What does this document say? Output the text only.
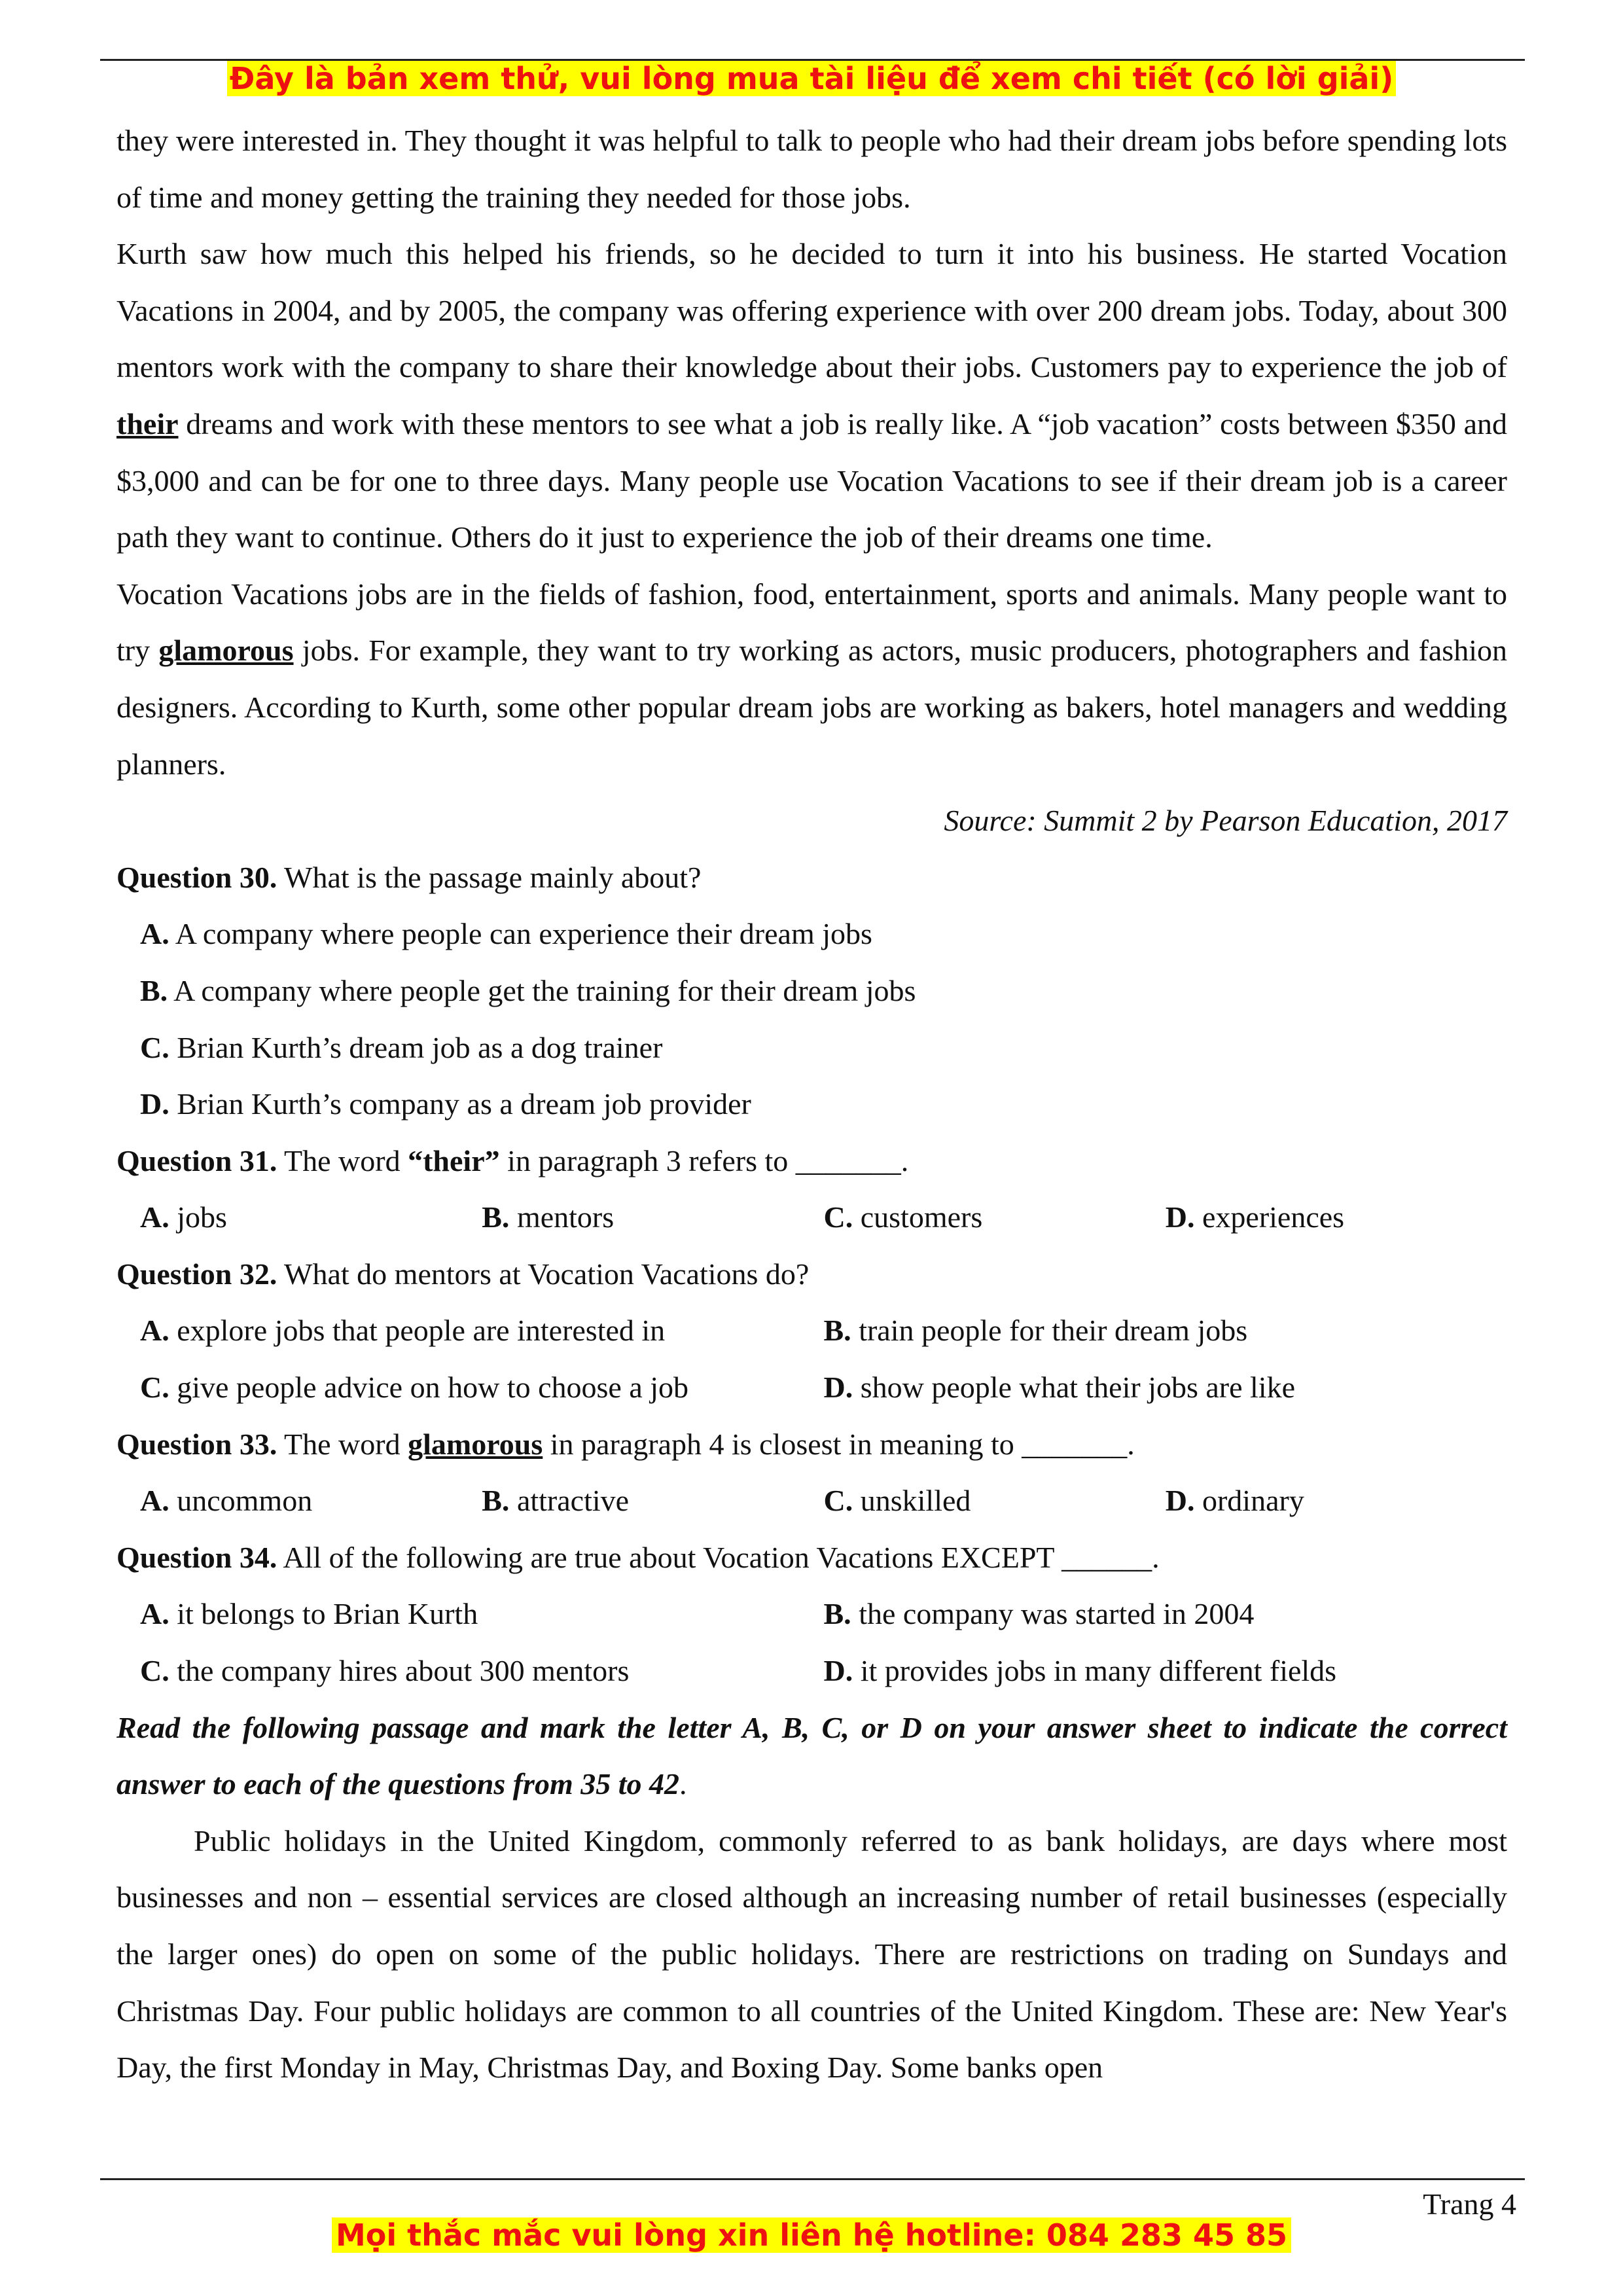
Đây là bản xem thử, vui lòng mua tài liệu để xem chi tiết (có lời giải)

they were interested in. They thought it was helpful to talk to people who had their dream jobs before spending lots of time and money getting the training they needed for those jobs.

Kurth saw how much this helped his friends, so he decided to turn it into his business. He started Vocation Vacations in 2004, and by 2005, the company was offering experience with over 200 dream jobs. Today, about 300 mentors work with the company to share their knowledge about their jobs. Customers pay to experience the job of their dreams and work with these mentors to see what a job is really like. A “job vacation” costs between $350 and $3,000 and can be for one to three days. Many people use Vocation Vacations to see if their dream job is a career path they want to continue. Others do it just to experience the job of their dreams one time.

Vocation Vacations jobs are in the fields of fashion, food, entertainment, sports and animals. Many people want to try glamorous jobs. For example, they want to try working as actors, music producers, photographers and fashion designers. According to Kurth, some other popular dream jobs are working as bakers, hotel managers and wedding planners.

Source: Summit 2 by Pearson Education, 2017

Question 30. What is the passage mainly about?

A. A company where people can experience their dream jobs
B. A company where people get the training for their dream jobs
C. Brian Kurth’s dream job as a dog trainer
D. Brian Kurth’s company as a dream job provider

Question 31. The word “their” in paragraph 3 refers to _______.

A. jobs	B. mentors	C. customers	D. experiences

Question 32. What do mentors at Vocation Vacations do?

A. explore jobs that people are interested in	B. train people for their dream jobs
C. give people advice on how to choose a job	D. show people what their jobs are like

Question 33. The word glamorous in paragraph 4 is closest in meaning to _______.

A. uncommon	B. attractive	C. unskilled	D. ordinary

Question 34. All of the following are true about Vocation Vacations EXCEPT ______.

A. it belongs to Brian Kurth	B. the company was started in 2004
C. the company hires about 300 mentors	D. it provides jobs in many different fields

Read the following passage and mark the letter A, B, C, or D on your answer sheet to indicate the correct answer to each of the questions from 35 to 42.

Public holidays in the United Kingdom, commonly referred to as bank holidays, are days where most businesses and non – essential services are closed although an increasing number of retail businesses (especially the larger ones) do open on some of the public holidays. There are restrictions on trading on Sundays and Christmas Day. Four public holidays are common to all countries of the United Kingdom. These are: New Year's Day, the first Monday in May, Christmas Day, and Boxing Day. Some banks open

Trang 4
Mọi thắc mắc vui lòng xin liên hệ hotline: 084 283 45 85
